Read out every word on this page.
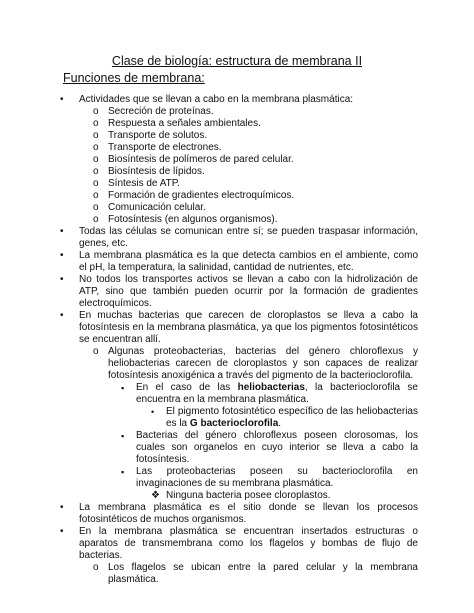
Clase de biología: estructura de membrana II
Funciones de membrana:
• Actividades que se llevan a cabo en la membrana plasmática:
o Secreción de proteínas.
o Respuesta a señales ambientales.
o Transporte de solutos.
o Transporte de electrones.
o Biosíntesis de polímeros de pared celular.
o Biosíntesis de lípidos.
o Síntesis de ATP.
o Formación de gradientes electroquímicos.
o Comunicación celular.
o Fotosíntesis (en algunos organismos).
• Todas las células se comunican entre sí; se pueden traspasar información, genes, etc.
• La membrana plasmática es la que detecta cambios en el ambiente, como el pH, la temperatura, la salinidad, cantidad de nutrientes, etc.
• No todos los transportes activos se llevan a cabo con la hidrolización de ATP, sino que también pueden ocurrir por la formación de gradientes electroquímicos.
• En muchas bacterias que carecen de cloroplastos se lleva a cabo la fotosíntesis en la membrana plasmática, ya que los pigmentos fotosintéticos se encuentran allí.
o Algunas proteobacterias, bacterias del género chloroflexus y heliobacterias carecen de cloroplastos y son capaces de realizar fotosíntesis anoxigénica a través del pigmento de la bacterioclorofila.
▪ En el caso de las heliobacterias, la bacterioclorofila se encuentra en la membrana plasmática.
• El pigmento fotosintético específico de las heliobacterias es la G bacterioclorofila.
▪ Bacterias del género chloroflexus poseen clorosomas, los cuales son organelos en cuyo interior se lleva a cabo la fotosíntesis.
▪ Las proteobacterias poseen su bacterioclorofila en invaginaciones de su membrana plasmática.
❖ Ninguna bacteria posee cloroplastos.
• La membrana plasmática es el sitio donde se llevan los procesos fotosintéticos de muchos organismos.
• En la membrana plasmática se encuentran insertados estructuras o aparatos de transmembrana como los flagelos y bombas de flujo de bacterias.
o Los flagelos se ubican entre la pared celular y la membrana plasmática.
